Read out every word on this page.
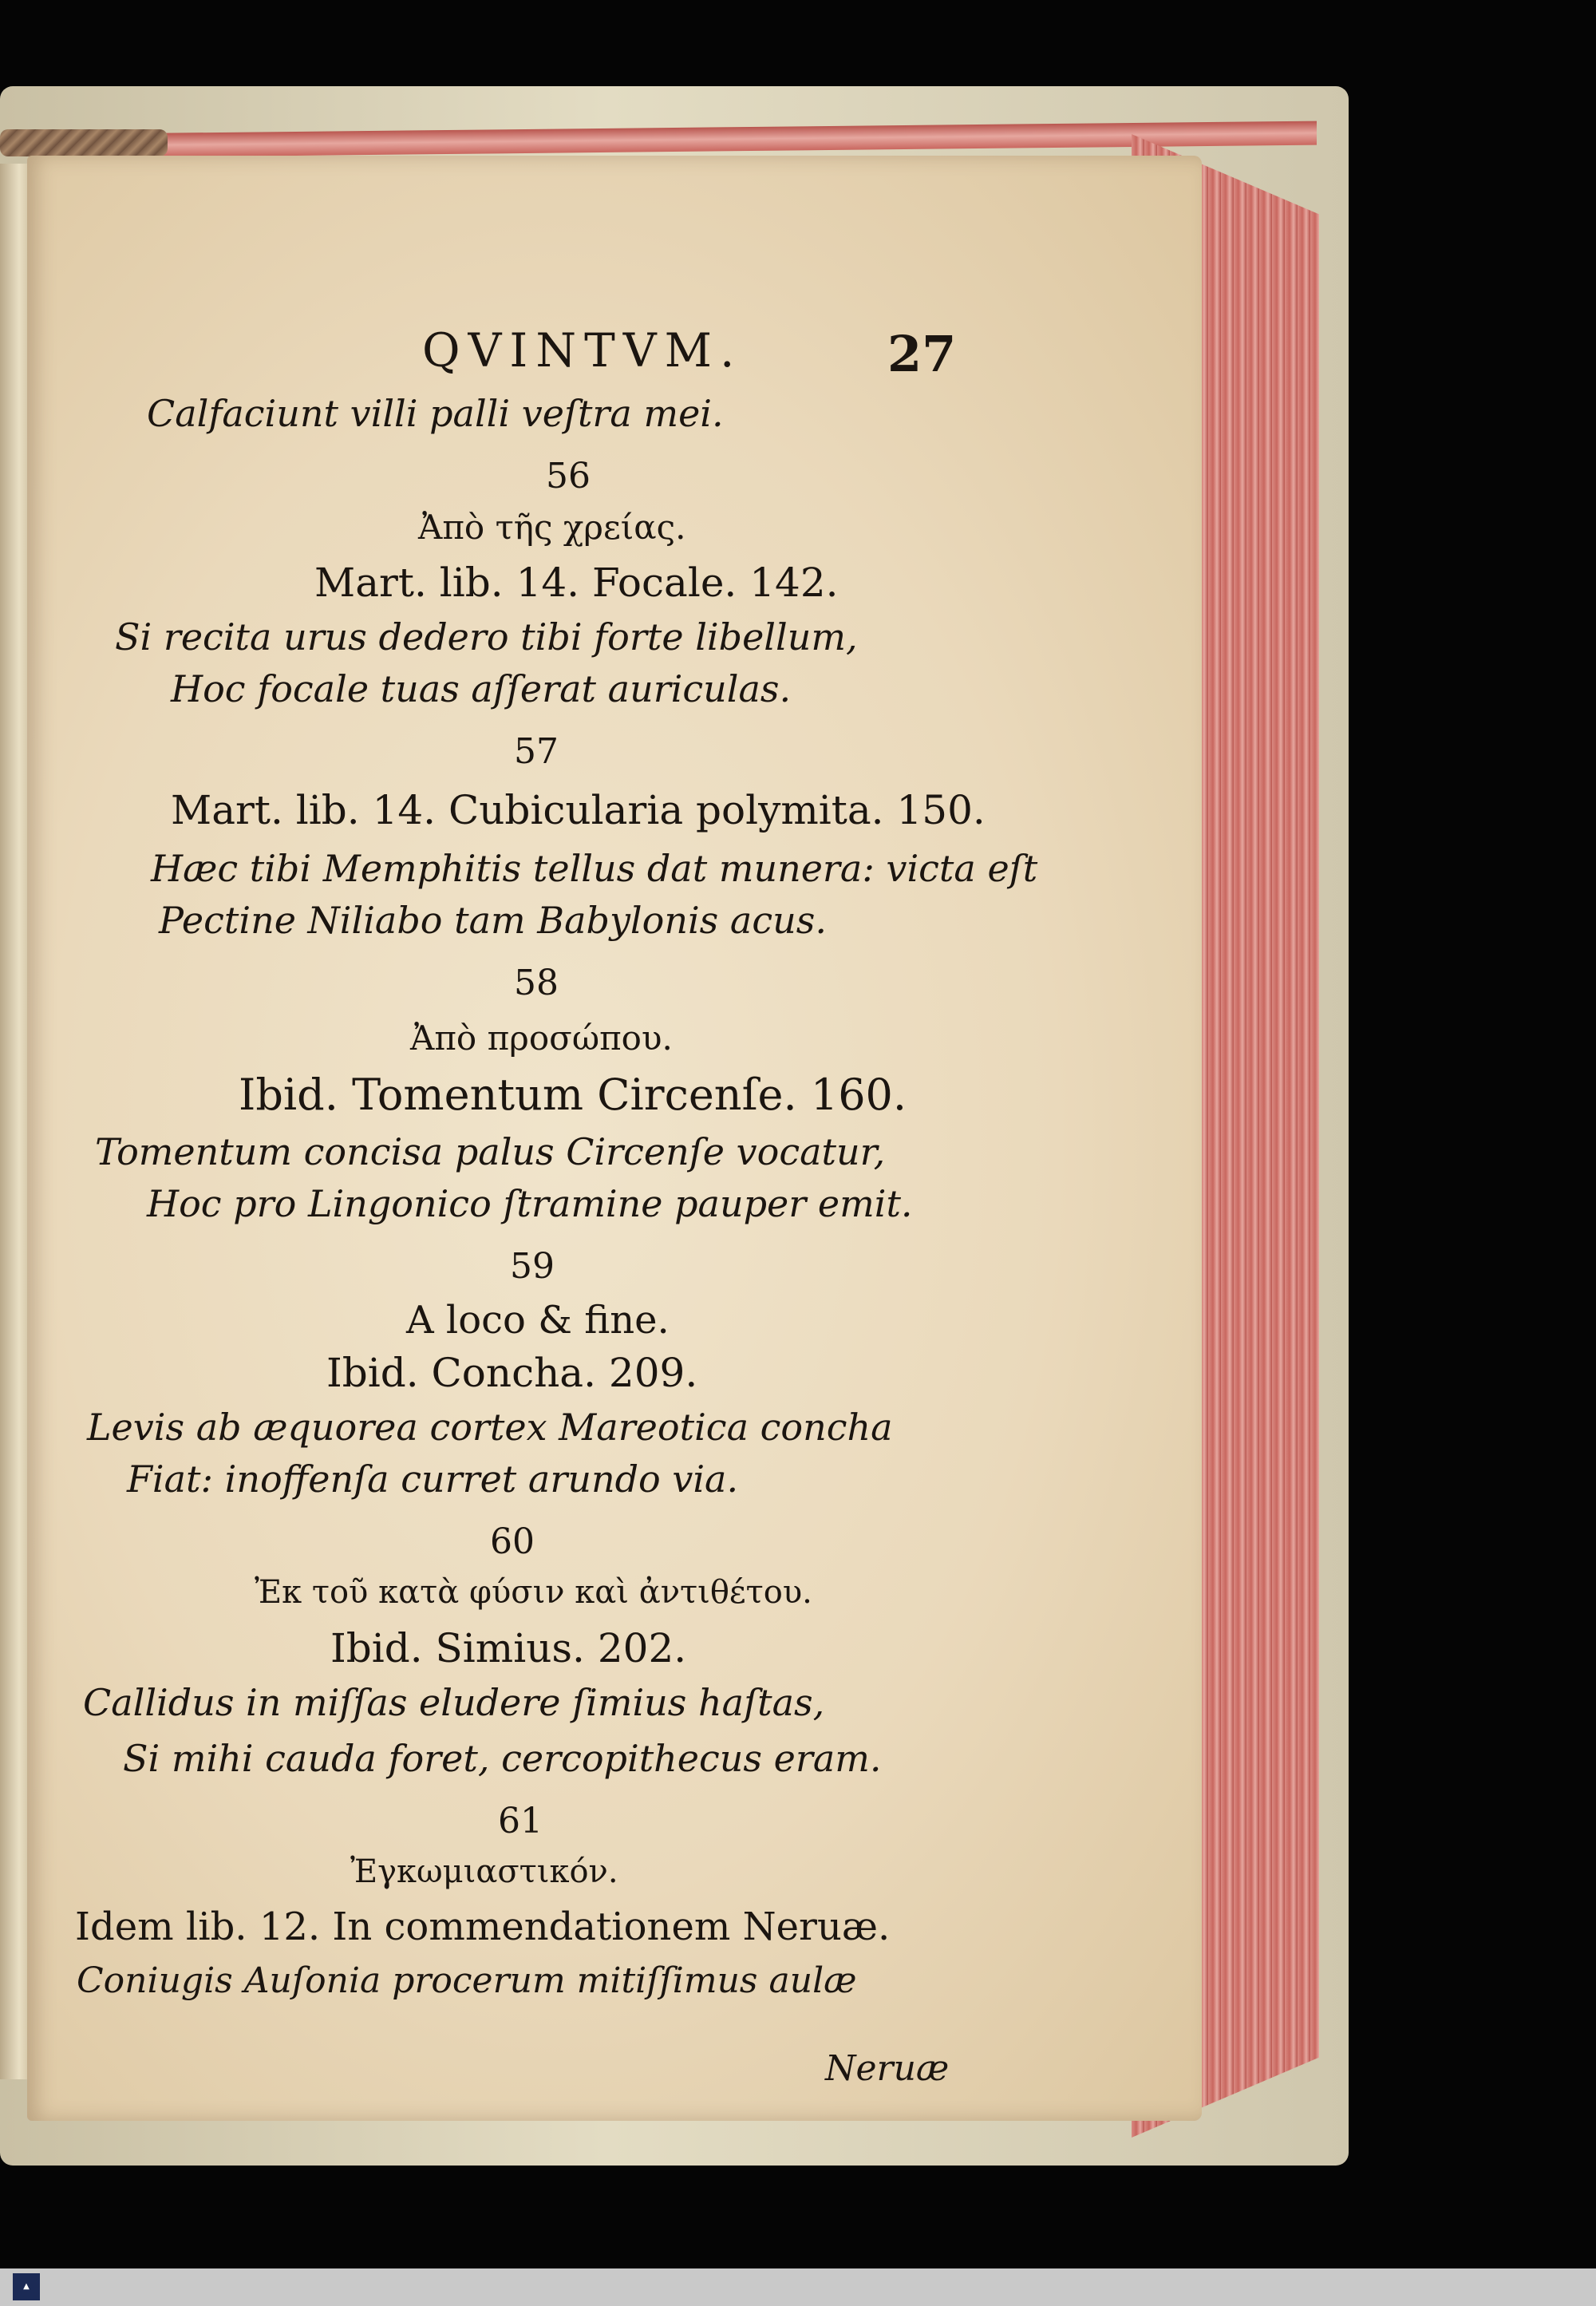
QVINTVM.	27
Calfaciunt villi palli veſtra mei.
56
Ἀπὸ τῆς χρείας.
Mart. lib. 14. Focale. 142.
Si recita urus dedero tibi forte libellum,
Hoc focale tuas aſſerat auriculas.
57
Mart. lib. 14. Cubicularia polymita. 150.
Hæc tibi Memphitis tellus dat munera: victa eſt
Pectine Niliabo tam Babylonis acus.
58
Ἀπὸ προσώπου.
Ibid. Tomentum Circenſe. 160.
Tomentum concisa palus Circenſe vocatur,
Hoc pro Lingonico ſtramine pauper emit.
59
A loco & fine.
Ibid. Concha. 209.
Levis ab æquorea cortex Mareotica concha
Fiat: inoffenſa curret arundo via.
60
Ἐκ τοῦ κατὰ φύσιν καὶ ἀντιθέτου.
Ibid. Simius. 202.
Callidus in miſſas eludere ſimius haſtas,
Si mihi cauda foret, cercopithecus eram.
61
Ἐγκωμιαστικόν.
Idem lib. 12. In commendationem Neruæ.
Coniugis Auſonia procerum mitiſſimus aulæ
Neruæ
▲
